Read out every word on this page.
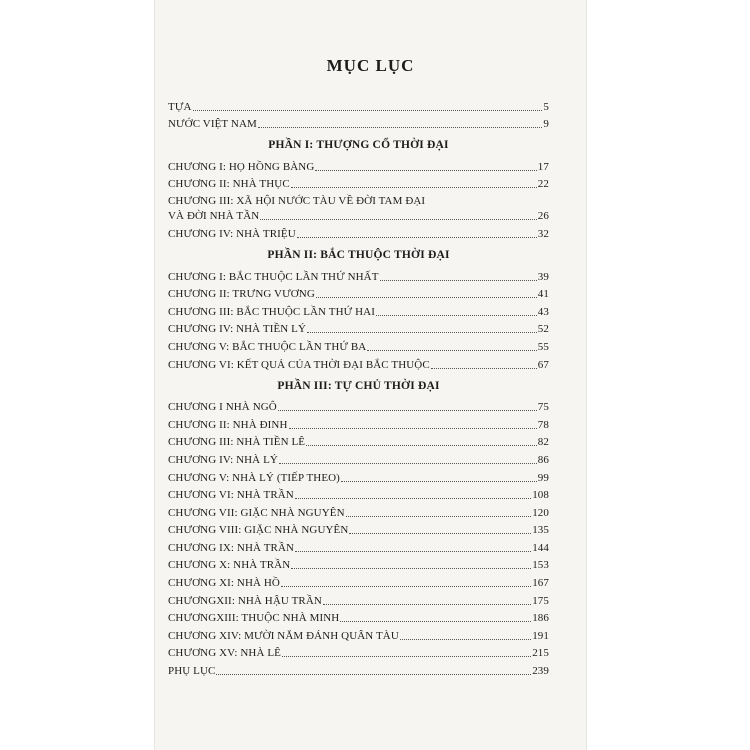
MỤC LỤC
TỰA	5
NƯỚC VIỆT NAM	9
PHẦN I: THƯỢNG CỔ THỜI ĐẠI
CHƯƠNG I: HỌ HỒNG BÀNG	17
CHƯƠNG II: NHÀ THỤC	22
CHƯƠNG III: XÃ HỘI NƯỚC TÀU VỀ ĐỜI TAM ĐẠI
VÀ ĐỜI NHÀ TẦN	26
CHƯƠNG IV: NHÀ TRIỆU	32
PHẦN II: BẮC THUỘC THỜI ĐẠI
CHƯƠNG I: BẮC THUỘC LẦN THỨ NHẤT	39
CHƯƠNG II: TRƯNG VƯƠNG	41
CHƯƠNG III: BẮC THUỘC LẦN THỨ HAI	43
CHƯƠNG IV: NHÀ TIỀN LÝ	52
CHƯƠNG V: BẮC THUỘC LẦN THỨ BA	55
CHƯƠNG VI: KẾT QUẢ CỦA THỜI ĐẠI BẮC THUỘC	67
PHẦN III: TỰ CHỦ THỜI ĐẠI
CHƯƠNG I NHÀ NGÔ	75
CHƯƠNG II: NHÀ ĐINH	78
CHƯƠNG III: NHÀ TIỀN LÊ	82
CHƯƠNG IV: NHÀ LÝ	86
CHƯƠNG V: NHÀ LÝ (TIẾP THEO)	99
CHƯƠNG VI: NHÀ TRẦN	108
CHƯƠNG VII: GIẶC NHÀ NGUYÊN	120
CHƯƠNG VIII: GIẶC NHÀ NGUYÊN	135
CHƯƠNG IX: NHÀ TRẦN	144
CHƯƠNG X: NHÀ TRẦN	153
CHƯƠNG XI: NHÀ HỒ	167
CHƯƠNGXII: NHÀ HẬU TRẦN	175
CHƯƠNGXIII: THUỘC NHÀ MINH	186
CHƯƠNG XIV: MƯỜI NĂM ĐÁNH QUÂN TÀU	191
CHƯƠNG XV: NHÀ LÊ	215
PHỤ LỤC	239
